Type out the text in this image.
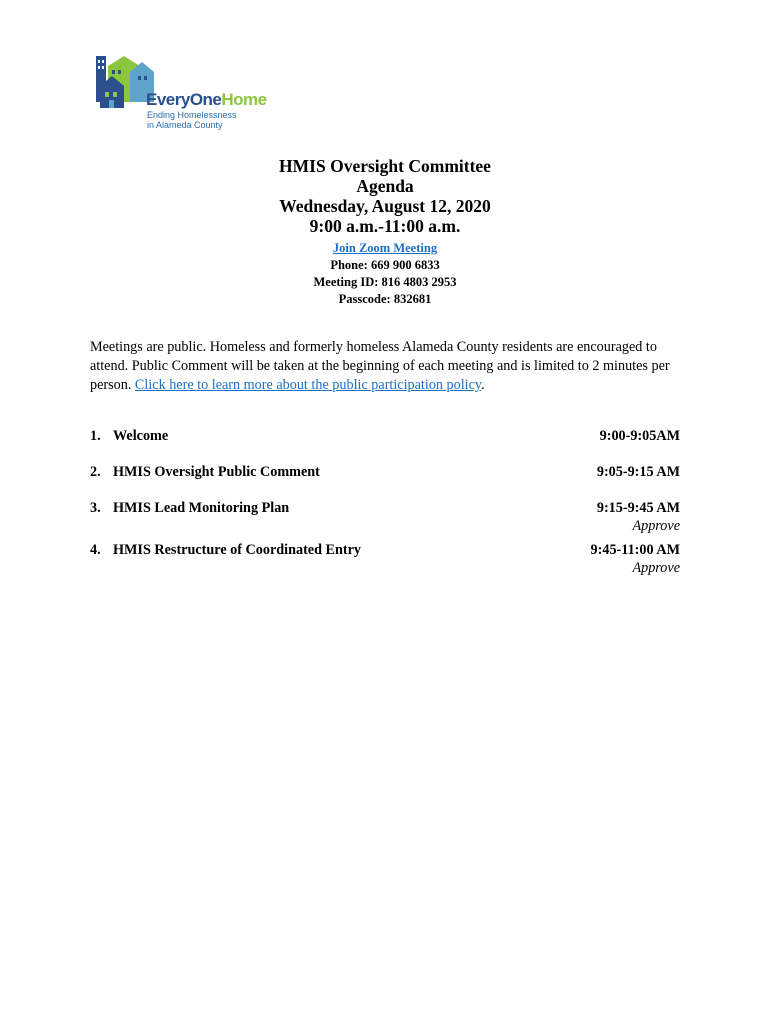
EveryOneHome
Ending Homelessness
in Alameda County
HMIS Oversight Committee
Agenda
Wednesday, August 12, 2020
9:00 a.m.-11:00 a.m.
Join Zoom Meeting
Phone: 669 900 6833
Meeting ID: 816 4803 2953
Passcode: 832681
Meetings are public. Homeless and formerly homeless Alameda County residents are encouraged to attend. Public Comment will be taken at the beginning of each meeting and is limited to 2 minutes per person. Click here to learn more about the public participation policy.
1. Welcome	9:00-9:05AM
2. HMIS Oversight Public Comment	9:05-9:15 AM
3. HMIS Lead Monitoring Plan	9:15-9:45 AM
Approve
4. HMIS Restructure of Coordinated Entry	9:45-11:00 AM
Approve
